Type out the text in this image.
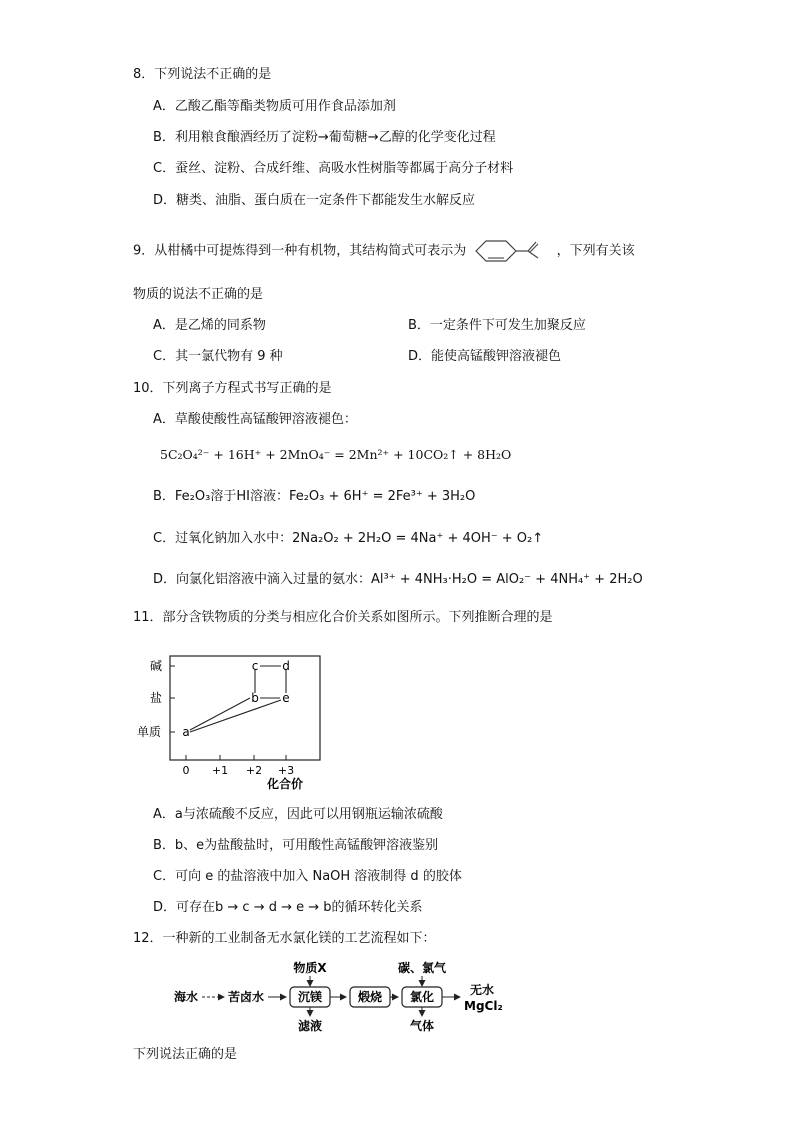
8．下列说法不正确的是
A．乙酸乙酯等酯类物质可用作食品添加剂
B．利用粮食酿酒经历了淀粉→葡萄糖→乙醇的化学变化过程
C．蚕丝、淀粉、合成纤维、高吸水性树脂等都属于高分子材料
D．糖类、油脂、蛋白质在一定条件下都能发生水解反应
9．从柑橘中可提炼得到一种有机物，其结构简式可表示为	，下列有关该
物质的说法不正确的是
A．是乙烯的同系物	B．一定条件下可发生加聚反应
C．其一氯代物有 9 种	D．能使高锰酸钾溶液褪色
10．下列离子方程式书写正确的是
A．草酸使酸性高锰酸钾溶液褪色：
5C₂O₄²⁻ + 16H⁺ + 2MnO₄⁻ = 2Mn²⁺ + 10CO₂↑ + 8H₂O
B．Fe₂O₃溶于HI溶液：Fe₂O₃ + 6H⁺ = 2Fe³⁺ + 3H₂O
C．过氧化钠加入水中：2Na₂O₂ + 2H₂O = 4Na⁺ + 4OH⁻ + O₂↑
D．向氯化铝溶液中滴入过量的氨水：Al³⁺ + 4NH₃·H₂O = AlO₂⁻ + 4NH₄⁺ + 2H₂O
11．部分含铁物质的分类与相应化合价关系如图所示。下列推断合理的是
碱
盐
单质
0 +1 +2 +3
化合价
a
b
c d
e
A．a与浓硫酸不反应，因此可以用钢瓶运输浓硫酸
B．b、e为盐酸盐时，可用酸性高锰酸钾溶液鉴别
C．可向 e 的盐溶液中加入 NaOH 溶液制得 d 的胶体
D．可存在b → c → d → e → b的循环转化关系
12．一种新的工业制备无水氯化镁的工艺流程如下：
物质X	碳、氯气
海水 苦卤水	沉镁	煅烧 氯化	无水
MgCl₂
滤液	气体
下列说法正确的是
